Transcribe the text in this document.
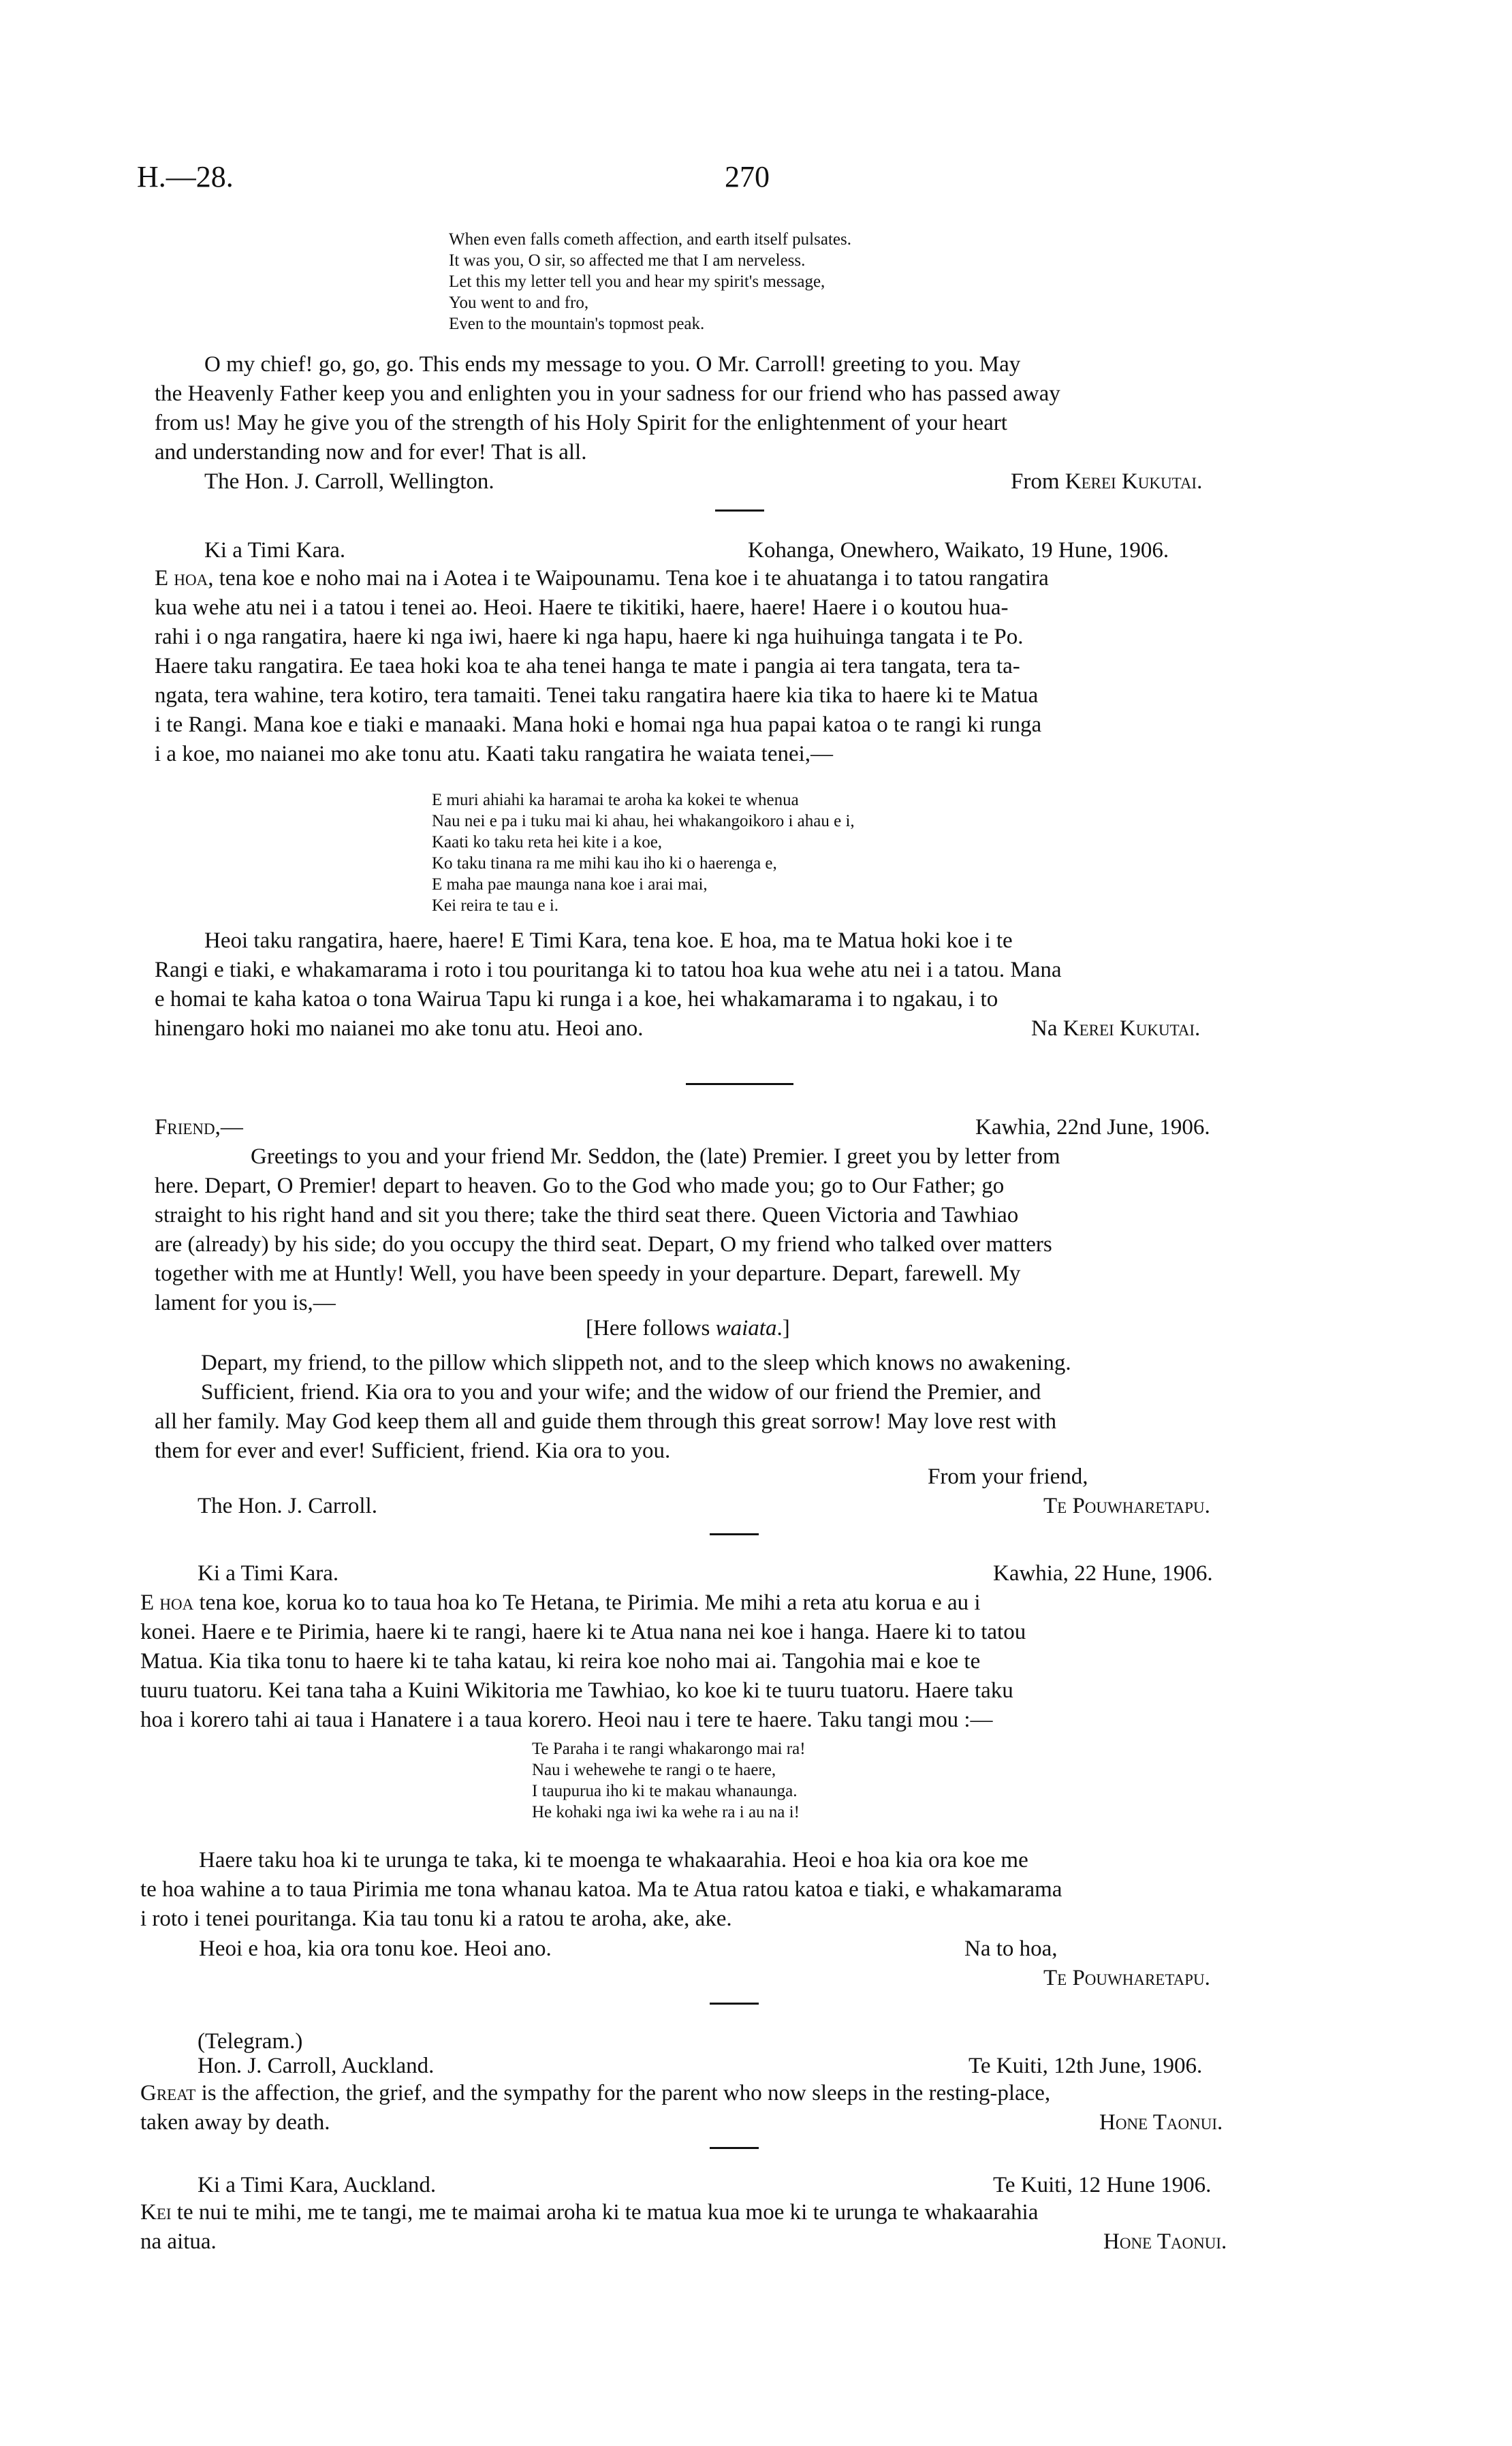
H.—28.	270
When even falls cometh affection, and earth itself pulsates.
It was you, O sir, so affected me that I am nerveless.
Let this my letter tell you and hear my spirit's message,
You went to and fro,
Even to the mountain's topmost peak.
O my chief! go, go, go. This ends my message to you. O Mr. Carroll! greeting to you. May
the Heavenly Father keep you and enlighten you in your sadness for our friend who has passed away
from us! May he give you of the strength of his Holy Spirit for the enlightenment of your heart
and understanding now and for ever! That is all.
The Hon. J. Carroll, Wellington.	From Kerei Kukutai.
Ki a Timi Kara.	Kohanga, Onewhero, Waikato, 19 Hune, 1906.
E hoa, tena koe e noho mai na i Aotea i te Waipounamu. Tena koe i te ahuatanga i to tatou rangatira
kua wehe atu nei i a tatou i tenei ao. Heoi. Haere te tikitiki, haere, haere! Haere i o koutou hua-
rahi i o nga rangatira, haere ki nga iwi, haere ki nga hapu, haere ki nga huihuinga tangata i te Po.
Haere taku rangatira. Ee taea hoki koa te aha tenei hanga te mate i pangia ai tera tangata, tera ta-
ngata, tera wahine, tera kotiro, tera tamaiti. Tenei taku rangatira haere kia tika to haere ki te Matua
i te Rangi. Mana koe e tiaki e manaaki. Mana hoki e homai nga hua papai katoa o te rangi ki runga
i a koe, mo naianei mo ake tonu atu. Kaati taku rangatira he waiata tenei,—
E muri ahiahi ka haramai te aroha ka kokei te whenua
Nau nei e pa i tuku mai ki ahau, hei whakangoikoro i ahau e i,
Kaati ko taku reta hei kite i a koe,
Ko taku tinana ra me mihi kau iho ki o haerenga e,
E maha pae maunga nana koe i arai mai,
Kei reira te tau e i.
Heoi taku rangatira, haere, haere! E Timi Kara, tena koe. E hoa, ma te Matua hoki koe i te
Rangi e tiaki, e whakamarama i roto i tou pouritanga ki to tatou hoa kua wehe atu nei i a tatou. Mana
e homai te kaha katoa o tona Wairua Tapu ki runga i a koe, hei whakamarama i to ngakau, i to
hinengaro hoki mo naianei mo ake tonu atu. Heoi ano.	Na Kerei Kukutai.
Friend,—	Kawhia, 22nd June, 1906.
Greetings to you and your friend Mr. Seddon, the (late) Premier. I greet you by letter from
here. Depart, O Premier! depart to heaven. Go to the God who made you; go to Our Father; go
straight to his right hand and sit you there; take the third seat there. Queen Victoria and Tawhiao
are (already) by his side; do you occupy the third seat. Depart, O my friend who talked over matters
together with me at Huntly! Well, you have been speedy in your departure. Depart, farewell. My
lament for you is,—
[Here follows waiata.]
Depart, my friend, to the pillow which slippeth not, and to the sleep which knows no awakening.
Sufficient, friend. Kia ora to you and your wife; and the widow of our friend the Premier, and
all her family. May God keep them all and guide them through this great sorrow! May love rest with
them for ever and ever! Sufficient, friend. Kia ora to you.
From your friend,
The Hon. J. Carroll.	Te Pouwharetapu.
Ki a Timi Kara.	Kawhia, 22 Hune, 1906.
E hoa tena koe, korua ko to taua hoa ko Te Hetana, te Pirimia. Me mihi a reta atu korua e au i
konei. Haere e te Pirimia, haere ki te rangi, haere ki te Atua nana nei koe i hanga. Haere ki to tatou
Matua. Kia tika tonu to haere ki te taha katau, ki reira koe noho mai ai. Tangohia mai e koe te
tuuru tuatoru. Kei tana taha a Kuini Wikitoria me Tawhiao, ko koe ki te tuuru tuatoru. Haere taku
hoa i korero tahi ai taua i Hanatere i a taua korero. Heoi nau i tere te haere. Taku tangi mou :—
Te Paraha i te rangi whakarongo mai ra!
Nau i wehewehe te rangi o te haere,
I taupurua iho ki te makau whanaunga.
He kohaki nga iwi ka wehe ra i au na i!
Haere taku hoa ki te urunga te taka, ki te moenga te whakaarahia. Heoi e hoa kia ora koe me
te hoa wahine a to taua Pirimia me tona whanau katoa. Ma te Atua ratou katoa e tiaki, e whakamarama
i roto i tenei pouritanga. Kia tau tonu ki a ratou te aroha, ake, ake.
Heoi e hoa, kia ora tonu koe. Heoi ano.	Na to hoa,
Te Pouwharetapu.
(Telegram.)
Hon. J. Carroll, Auckland.	Te Kuiti, 12th June, 1906.
Great is the affection, the grief, and the sympathy for the parent who now sleeps in the resting-place,
taken away by death.	Hone Taonui.
Ki a Timi Kara, Auckland.	Te Kuiti, 12 Hune 1906.
Kei te nui te mihi, me te tangi, me te maimai aroha ki te matua kua moe ki te urunga te whakaarahia
na aitua.	Hone Taonui.
